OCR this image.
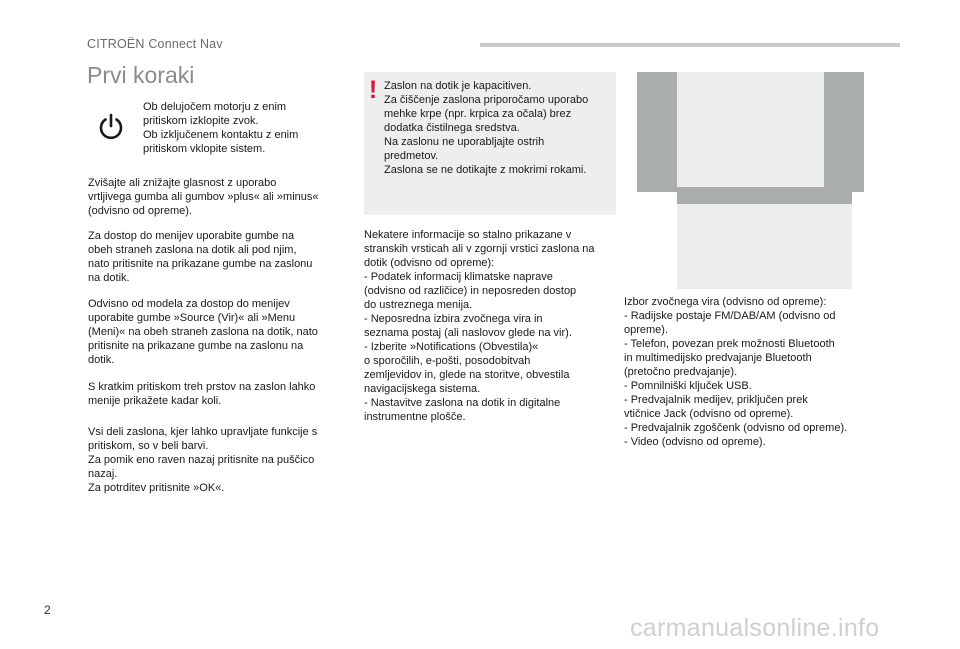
CITROËN Connect Nav
Prvi koraki

Ob delujočem motorju z enim
pritiskom izklopite zvok.
Ob izključenem kontaktu z enim
pritiskom vklopite sistem.

Zvišajte ali znižajte glasnost z uporabo
vrtljivega gumba ali gumbov »plus« ali »minus«
(odvisno od opreme).

Za dostop do menijev uporabite gumbe na
obeh straneh zaslona na dotik ali pod njim,
nato pritisnite na prikazane gumbe na zaslonu
na dotik.

Odvisno od modela za dostop do menijev
uporabite gumbe »Source (Vir)« ali »Menu
(Meni)« na obeh straneh zaslona na dotik, nato
pritisnite na prikazane gumbe na zaslonu na
dotik.

S kratkim pritiskom treh prstov na zaslon lahko
menije prikažete kadar koli.

Vsi deli zaslona, kjer lahko upravljate funkcije s
pritiskom, so v beli barvi.
Za pomik eno raven nazaj pritisnite na puščico
nazaj.
Za potrditev pritisnite »OK«.

! Zaslon na dotik je kapacitiven.
Za čiščenje zaslona priporočamo uporabo
mehke krpe (npr. krpica za očala) brez
dodatka čistilnega sredstva.
Na zaslonu ne uporabljajte ostrih
predmetov.
Zaslona se ne dotikajte z mokrimi rokami.

Nekatere informacije so stalno prikazane v
stranskih vrsticah ali v zgornji vrstici zaslona na
dotik (odvisno od opreme):
- Podatek informacij klimatske naprave
(odvisno od različice) in neposreden dostop
do ustreznega menija.
- Neposredna izbira zvočnega vira in
seznama postaj (ali naslovov glede na vir).
- Izberite »Notifications (Obvestila)«
o sporočilih, e-pošti, posodobitvah
zemljevidov in, glede na storitve, obvestila
navigacijskega sistema.
- Nastavitve zaslona na dotik in digitalne
instrumentne plošče.

Izbor zvočnega vira (odvisno od opreme):
- Radijske postaje FM/DAB/AM (odvisno od
opreme).
- Telefon, povezan prek možnosti Bluetooth
in multimedijsko predvajanje Bluetooth
(pretočno predvajanje).
- Pomnilniški ključek USB.
- Predvajalnik medijev, priključen prek
vtičnice Jack (odvisno od opreme).
- Predvajalnik zgoščenk (odvisno od opreme).
- Video (odvisno od opreme).

2
carmanualsonline.info
